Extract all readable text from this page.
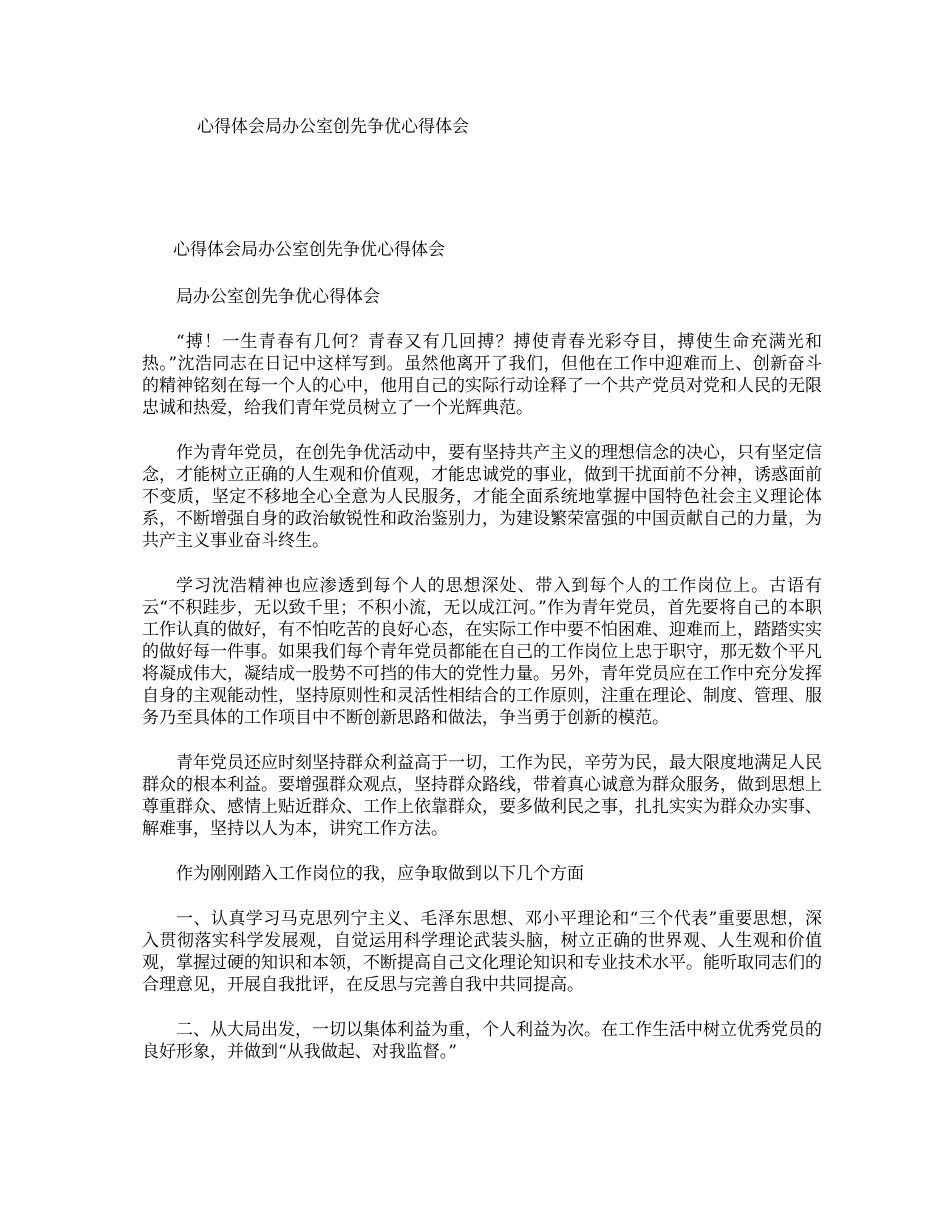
心得体会局办公室创先争优心得体会
心得体会局办公室创先争优心得体会

局办公室创先争优心得体会

“搏！一生青春有几何？青春又有几回搏？搏使青春光彩夺目，搏使生命充满光和热。”沈浩同志在日记中这样写到。虽然他离开了我们，但他在工作中迎难而上、创新奋斗的精神铭刻在每一个人的心中，他用自己的实际行动诠释了一个共产党员对党和人民的无限忠诚和热爱，给我们青年党员树立了一个光辉典范。

作为青年党员，在创先争优活动中，要有坚持共产主义的理想信念的决心，只有坚定信念，才能树立正确的人生观和价值观，才能忠诚党的事业，做到干扰面前不分神，诱惑面前不变质，坚定不移地全心全意为人民服务，才能全面系统地掌握中国特色社会主义理论体系，不断增强自身的政治敏锐性和政治鉴别力，为建设繁荣富强的中国贡献自己的力量，为共产主义事业奋斗终生。

学习沈浩精神也应渗透到每个人的思想深处、带入到每个人的工作岗位上。古语有云“不积跬步，无以致千里；不积小流，无以成江河。”作为青年党员，首先要将自己的本职工作认真的做好，有不怕吃苦的良好心态，在实际工作中要不怕困难、迎难而上，踏踏实实的做好每一件事。如果我们每个青年党员都能在自己的工作岗位上忠于职守，那无数个平凡将凝成伟大，凝结成一股势不可挡的伟大的党性力量。另外，青年党员应在工作中充分发挥自身的主观能动性，坚持原则性和灵活性相结合的工作原则，注重在理论、制度、管理、服务乃至具体的工作项目中不断创新思路和做法，争当勇于创新的模范。

青年党员还应时刻坚持群众利益高于一切，工作为民，辛劳为民，最大限度地满足人民群众的根本利益。要增强群众观点，坚持群众路线，带着真心诚意为群众服务，做到思想上尊重群众、感情上贴近群众、工作上依靠群众，要多做利民之事，扎扎实实为群众办实事、解难事，坚持以人为本，讲究工作方法。

作为刚刚踏入工作岗位的我，应争取做到以下几个方面

一、认真学习马克思列宁主义、毛泽东思想、邓小平理论和“三个代表”重要思想，深入贯彻落实科学发展观，自觉运用科学理论武装头脑，树立正确的世界观、人生观和价值观，掌握过硬的知识和本领，不断提高自己文化理论知识和专业技术水平。能听取同志们的合理意见，开展自我批评，在反思与完善自我中共同提高。

二、从大局出发，一切以集体利益为重，个人利益为次。在工作生活中树立优秀党员的良好形象，并做到“从我做起、对我监督。”
